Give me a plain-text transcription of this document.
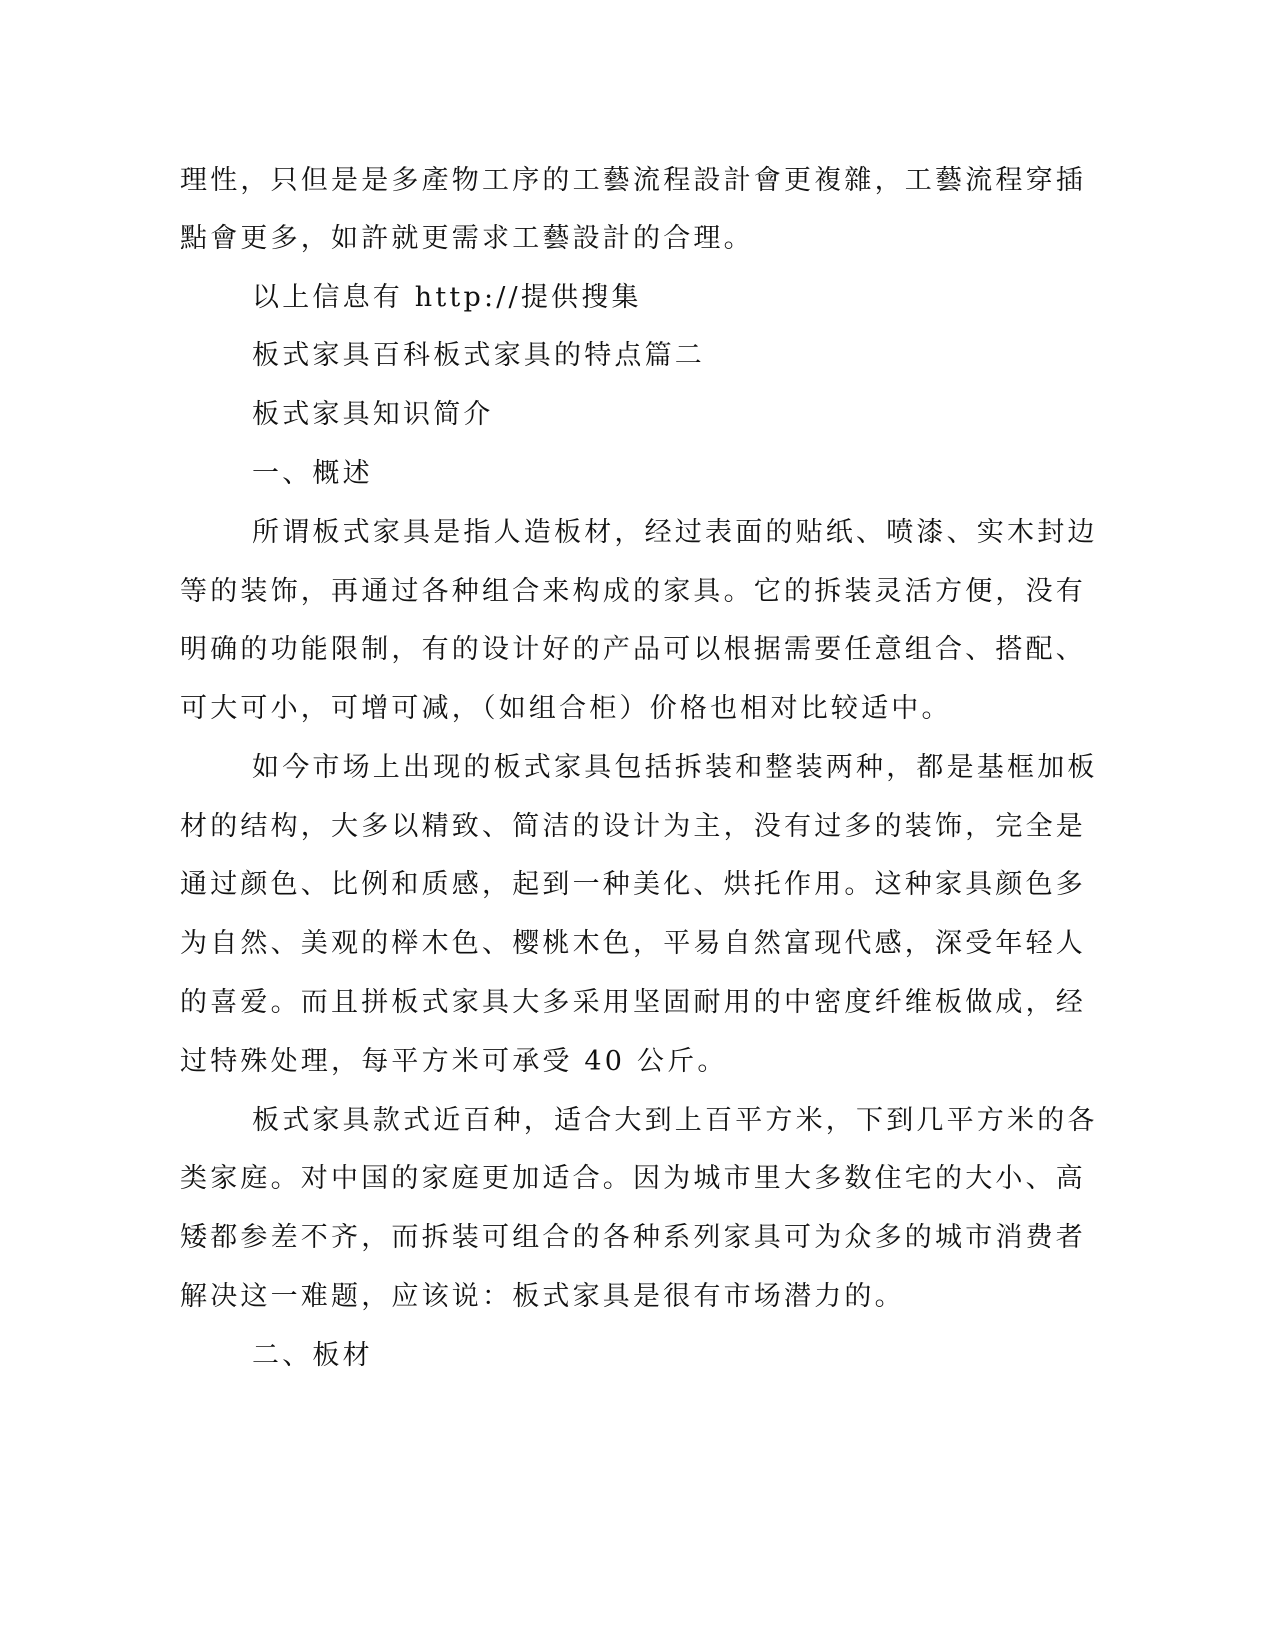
理性，只但是是多產物工序的工藝流程設計會更複雜，工藝流程穿插
點會更多，如許就更需求工藝設計的合理。
以上信息有 http://提供搜集
板式家具百科板式家具的特点篇二
板式家具知识简介
一、概述
所谓板式家具是指人造板材，经过表面的贴纸、喷漆、实木封边
等的装饰，再通过各种组合来构成的家具。它的拆装灵活方便，没有
明确的功能限制，有的设计好的产品可以根据需要任意组合、搭配、
可大可小，可增可减，（如组合柜）价格也相对比较适中。
如今市场上出现的板式家具包括拆装和整装两种，都是基框加板
材的结构，大多以精致、简洁的设计为主，没有过多的装饰，完全是
通过颜色、比例和质感，起到一种美化、烘托作用。这种家具颜色多
为自然、美观的榉木色、樱桃木色，平易自然富现代感，深受年轻人
的喜爱。而且拼板式家具大多采用坚固耐用的中密度纤维板做成，经
过特殊处理，每平方米可承受 40 公斤。
板式家具款式近百种，适合大到上百平方米，下到几平方米的各
类家庭。对中国的家庭更加适合。因为城市里大多数住宅的大小、高
矮都参差不齐，而拆装可组合的各种系列家具可为众多的城市消费者
解决这一难题，应该说：板式家具是很有市场潜力的。
二、板材
